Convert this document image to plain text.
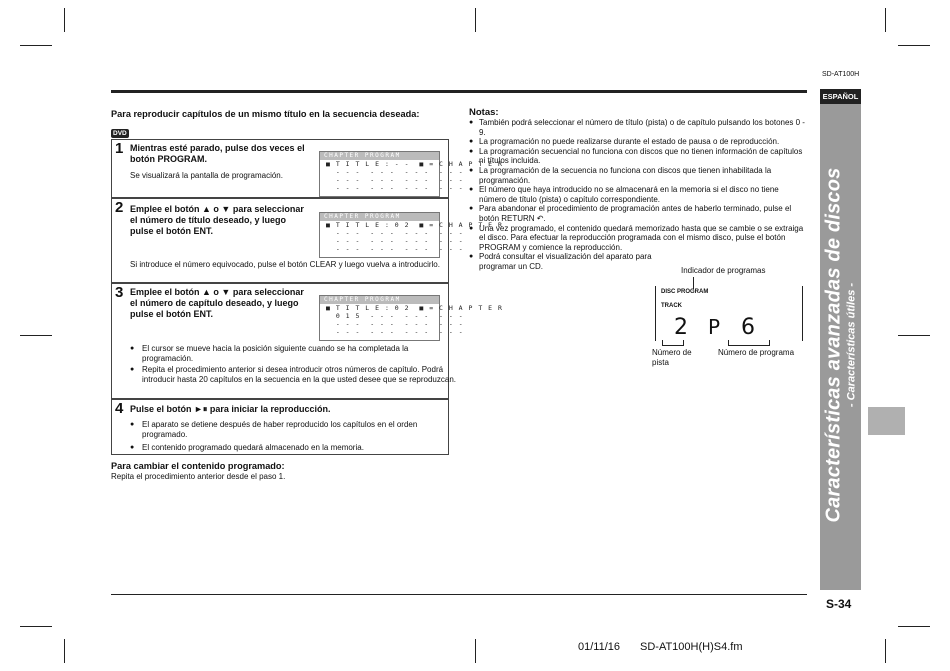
SD-AT100H
ESPAÑOL
Características avanzadas de discos - Características útiles -
Para reproducir capítulos de un mismo título en la secuencia deseada:
DVD
1 Mientras esté parado, pulse dos veces el botón PROGRAM.
Se visualizará la pantalla de programación.
CHAPTER PROGRAM
■ T I T L E : - -  ■ = C H A P T E R
- - - - - - - - - - - -
- - - - - - - - - - - -
- - - - - - - - - - - -
2 Emplee el botón ▲ o ▼ para seleccionar el número de título deseado, y luego pulse el botón ENT.
Si introduce el número equivocado, pulse el botón CLEAR y luego vuelva a introducirlo.
CHAPTER PROGRAM
■ T I T L E : 0 2  ■ = C H A P T E R
- - - - - - - - - - - -
- - - - - - - - - - - -
- - - - - - - - - - - -
3 Emplee el botón ▲ o ▼ para seleccionar el número de capítulo deseado, y luego pulse el botón ENT.
● El cursor se mueve hacia la posición siguiente cuando se ha completada la programación.
● Repita el procedimiento anterior si desea introducir otros números de capítulo. Podrá introducir hasta 20 capítulos en la secuencia en la que usted desee que se reproduzcan.
CHAPTER PROGRAM
■ T I T L E : 0 2  ■ = C H A P T E R
0 1 5 - - - - - - - - -
- - - - - - - - - - - -
- - - - - - - - - - - -
4 Pulse el botón ►⏸ para iniciar la reproducción.
● El aparato se detiene después de haber reproducido los capítulos en el orden programado.
● El contenido programado quedará almacenado en la memoria.
Para cambiar el contenido programado:
Repita el procedimiento anterior desde el paso 1.
Notas:
● También podrá seleccionar el número de título (pista) o de capítulo pulsando los botones 0 - 9.
● La programación no puede realizarse durante el estado de pausa o de reproducción.
● La programación secuencial no funciona con discos que no tienen información de capítulos ni títulos incluida.
● La programación de la secuencia no funciona con discos que tienen inhabilitada la programación.
● El número que haya introducido no se almacenará en la memoria si el disco no tiene número de título (pista) o capítulo correspondiente.
● Para abandonar el procedimiento de programación antes de haberlo terminado, pulse el botón RETURN ↶.
● Una vez programado, el contenido quedará memorizado hasta que se cambie o se extraiga el disco. Para efectuar la reproducción programada con el mismo disco, pulse el botón PROGRAM y comience la reproducción.
● Podrá consultar el visualización del aparato para programar un CD.	Indicador de programas
DISC PROGRAM
TRACK
2 P 6
Número de pista
Número de programa
S-34
01/11/16 SD-AT100H(H)S4.fm
